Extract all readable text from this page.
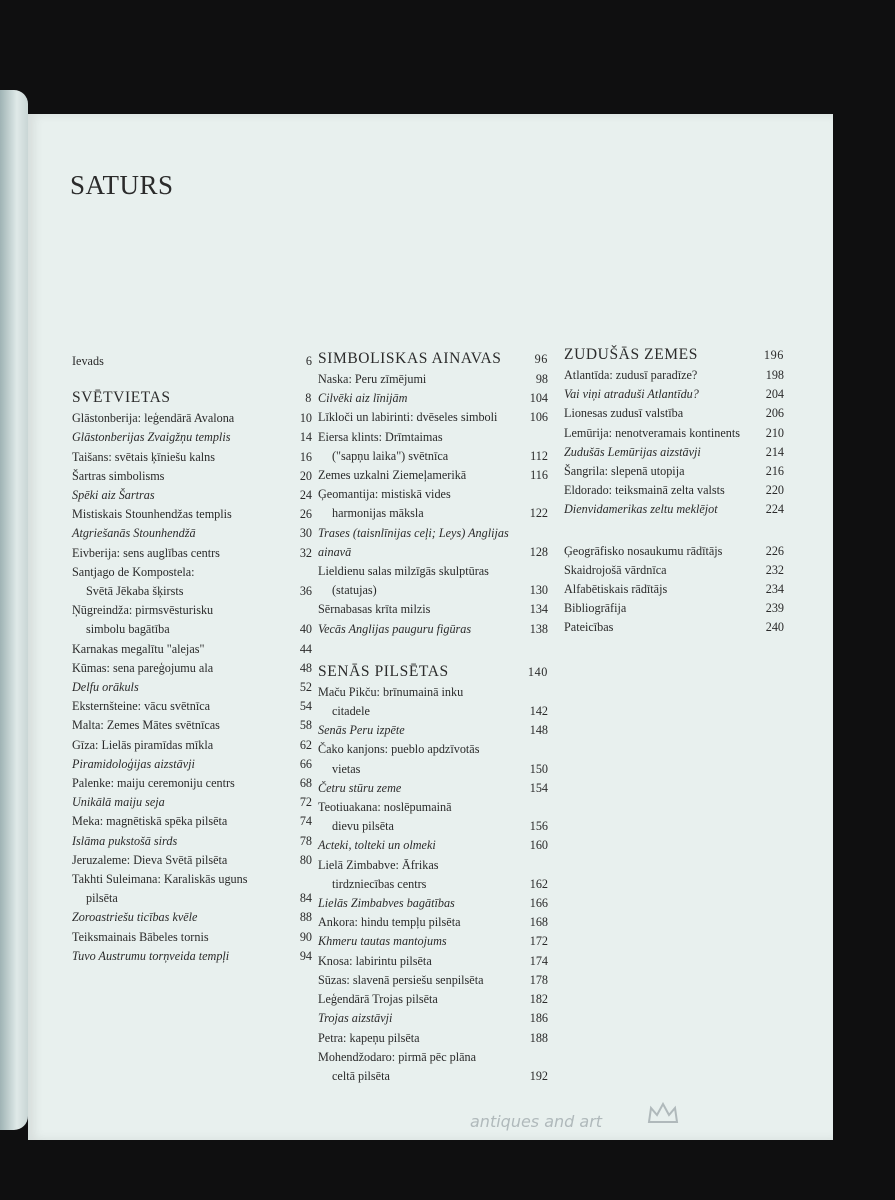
SATURS
Ievads	6
SVĒTVIETAS	8
Glāstonberija: leģendārā Avalona	10
Glāstonberijas Zvaigžņu templis	14
Taišans: svētais ķīniešu kalns	16
Šartras simbolisms	20
Spēki aiz Šartras	24
Mistiskais Stounhendžas templis	26
Atgriešanās Stounhendžā	30
Eivberija: sens auglības centrs	32
Santjago de Kompostela:
Svētā Jēkaba šķirsts	36
Ņūgreindža: pirmsvēsturisku
simbolu bagātība	40
Karnakas megalītu "alejas"	44
Kūmas: sena pareģojumu ala	48
Delfu orākuls	52
Eksternšteine: vācu svētnīca	54
Malta: Zemes Mātes svētnīcas	58
Gīza: Lielās piramīdas mīkla	62
Piramidoloģijas aizstāvji	66
Palenke: maiju ceremoniju centrs	68
Unikālā maiju seja	72
Meka: magnētiskā spēka pilsēta	74
Islāma pukstošā sirds	78
Jeruzaleme: Dieva Svētā pilsēta	80
Takhti Suleimana: Karaliskās uguns
pilsēta	84
Zoroastriešu ticības kvēle	88
Teiksmainais Bābeles tornis	90
Tuvo Austrumu torņveida tempļi	94
SIMBOLISKAS AINAVAS	96
Naska: Peru zīmējumi	98
Cilvēki aiz līnijām	104
Līkloči un labirinti: dvēseles simboli	106
Eiersa klints: Drīmtaimas
("sapņu laika") svētnīca	112
Zemes uzkalni Ziemeļamerikā	116
Ģeomantija: mistiskā vides
harmonijas māksla	122
Trases (taisnlīnijas ceļi; Leys) Anglijas
ainavā	128
Lieldienu salas milzīgās skulptūras
(statujas)	130
Sērnabasas krīta milzis	134
Vecās Anglijas pauguru figūras	138
SENĀS PILSĒTAS	140
Maču Pikču: brīnumainā inku
citadele	142
Senās Peru izpēte	148
Čako kanjons: pueblo apdzīvotās
vietas	150
Četru stūru zeme	154
Teotiuakana: noslēpumainā
dievu pilsēta	156
Acteki, tolteki un olmeki	160
Lielā Zimbabve: Āfrikas
tirdzniecības centrs	162
Lielās Zimbabves bagātības	166
Ankora: hindu tempļu pilsēta	168
Khmeru tautas mantojums	172
Knosa: labirintu pilsēta	174
Sūzas: slavenā persiešu senpilsēta	178
Leģendārā Trojas pilsēta	182
Trojas aizstāvji	186
Petra: kapeņu pilsēta	188
Mohendžodaro: pirmā pēc plāna
celtā pilsēta	192
ZUDUŠĀS ZEMES	196
Atlantīda: zudusī paradīze?	198
Vai viņi atraduši Atlantīdu?	204
Lionesas zudusī valstība	206
Lemūrija: nenotveramais kontinents	210
Zudušās Lemūrijas aizstāvji	214
Šangrila: slepenā utopija	216
Eldorado: teiksmainā zelta valsts	220
Dienvidamerikas zeltu meklējot	224
Ģeogrāfisko nosaukumu rādītājs	226
Skaidrojošā vārdnīca	232
Alfabētiskais rādītājs	234
Bibliogrāfija	239
Pateicības	240
antiques and art
